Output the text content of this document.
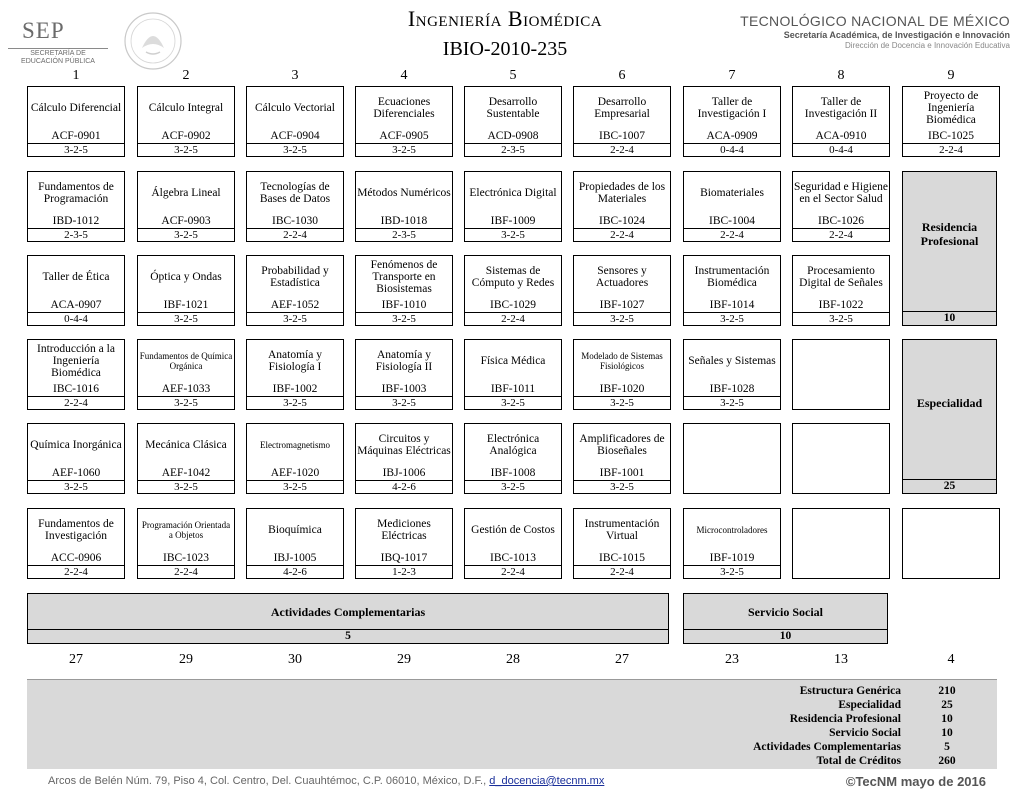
SEP
SECRETARÍA DE
EDUCACIÓN PÚBLICA
Ingeniería Biomédica
IBIO-2010-235
TECNOLÓGICO NACIONAL DE MÉXICO
Secretaría Académica, de Investigación e Innovación
Dirección de Docencia e Innovación Educativa
1	2	3	4	5	6	7	8	9
Cálculo Diferencial
ACF-0901
3-2-5
Cálculo Integral
ACF-0902
3-2-5
Cálculo Vectorial
ACF-0904
3-2-5
Ecuaciones Diferenciales
ACF-0905
3-2-5
Desarrollo Sustentable
ACD-0908
2-3-5
Desarrollo Empresarial
IBC-1007
2-2-4
Taller de Investigación I
ACA-0909
0-4-4
Taller de Investigación II
ACA-0910
0-4-4
Proyecto de Ingeniería Biomédica
IBC-1025
2-2-4
Fundamentos de Programación
IBD-1012
2-3-5
Álgebra Lineal
ACF-0903
3-2-5
Tecnologías de Bases de Datos
IBC-1030
2-2-4
Métodos Numéricos
IBD-1018
2-3-5
Electrónica Digital
IBF-1009
3-2-5
Propiedades de los Materiales
IBC-1024
2-2-4
Biomateriales
IBC-1004
2-2-4
Seguridad e Higiene en el Sector Salud
IBC-1026
2-2-4
Taller de Ética
ACA-0907
0-4-4
Óptica y Ondas
IBF-1021
3-2-5
Probabilidad y Estadística
AEF-1052
3-2-5
Fenómenos de Transporte en Biosistemas
IBF-1010
3-2-5
Sistemas de Cómputo y Redes
IBC-1029
2-2-4
Sensores y Actuadores
IBF-1027
3-2-5
Instrumentación Biomédica
IBF-1014
3-2-5
Procesamiento Digital de Señales
IBF-1022
3-2-5
Introducción a la Ingeniería Biomédica
IBC-1016
2-2-4
Fundamentos de Química Orgánica
AEF-1033
3-2-5
Anatomía y Fisiología I
IBF-1002
3-2-5
Anatomía y Fisiología II
IBF-1003
3-2-5
Física Médica
IBF-1011
3-2-5
Modelado de Sistemas Fisiológicos
IBF-1020
3-2-5
Señales y Sistemas
IBF-1028
3-2-5
Química Inorgánica
AEF-1060
3-2-5
Mecánica Clásica
AEF-1042
3-2-5
Electromagnetismo
AEF-1020
3-2-5
Circuitos y Máquinas Eléctricas
IBJ-1006
4-2-6
Electrónica Analógica
IBF-1008
3-2-5
Amplificadores de Bioseñales
IBF-1001
3-2-5
Fundamentos de Investigación
ACC-0906
2-2-4
Programación Orientada a Objetos
IBC-1023
2-2-4
Bioquímica
IBJ-1005
4-2-6
Mediciones Eléctricas
IBQ-1017
1-2-3
Gestión de Costos
IBC-1013
2-2-4
Instrumentación Virtual
IBC-1015
2-2-4
Microcontroladores
IBF-1019
3-2-5
27	29	30	29	28	27	23	13	4
Residencia Profesional
10
Especialidad
25
Actividades Complementarias
5
Servicio Social
10
Estructura Genérica	210
Especialidad	25
Residencia Profesional	10
Servicio Social	10
Actividades Complementarias	5
Total de Créditos	260
Arcos de Belén Núm. 79, Piso 4, Col. Centro, Del. Cuauhtémoc, C.P. 06010, México, D.F., d_docencia@tecnm.mx	©TecNM mayo de 2016
